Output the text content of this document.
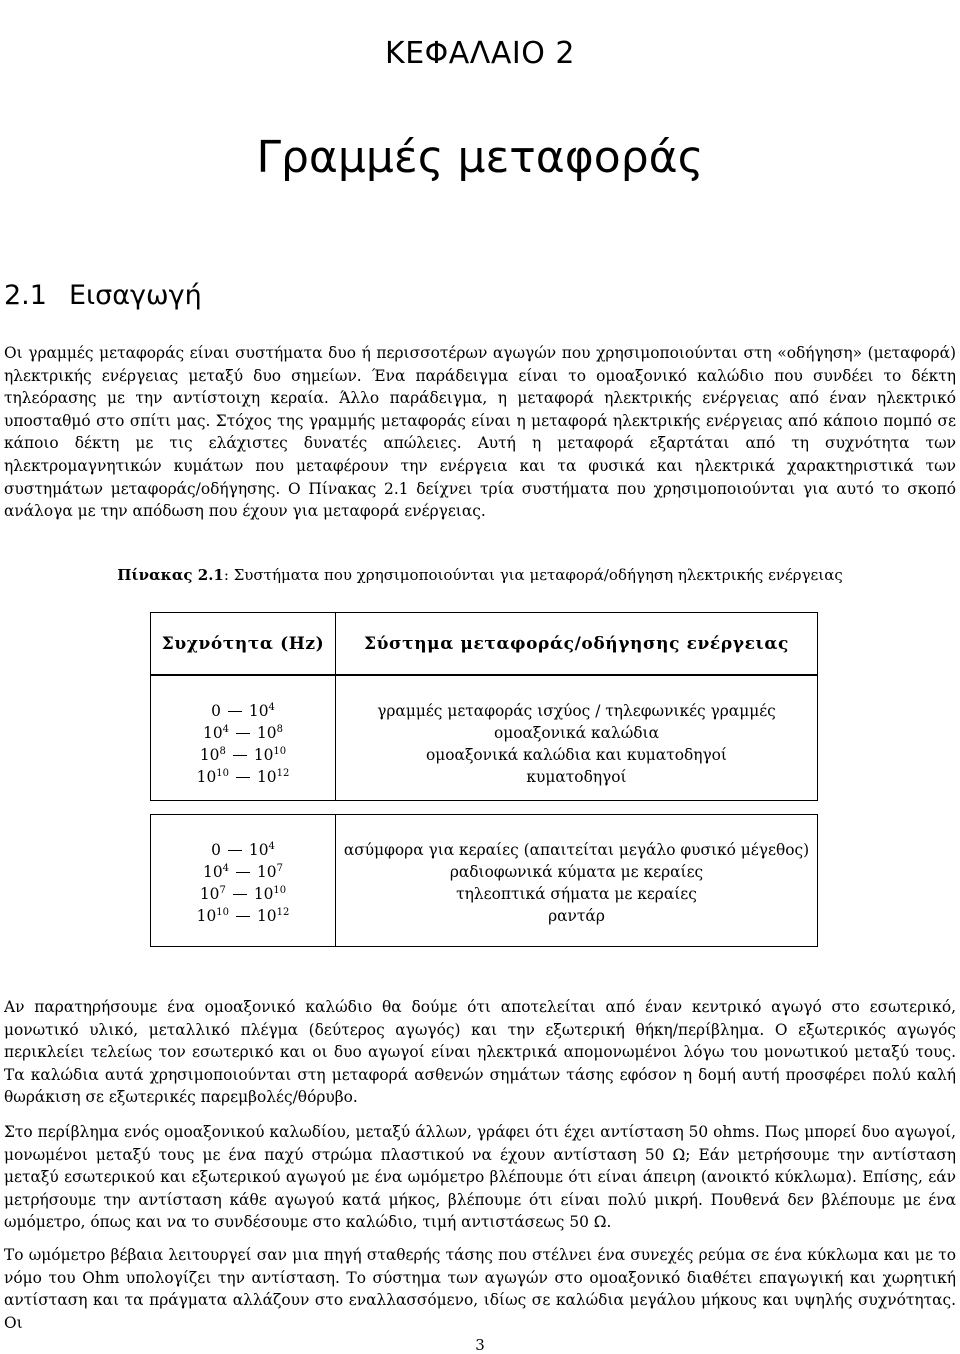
ΚΕΦΑΛΑΙΟ 2
Γραμμές μεταφοράς
2.1 Εισαγωγή

Οι γραμμές μεταφοράς είναι συστήματα δυο ή περισσοτέρων αγωγών που χρησιμοποιούνται στη «οδήγηση» (μεταφορά) ηλεκτρικής ενέργειας μεταξύ δυο σημείων. Ένα παράδειγμα είναι το ομοαξονικό καλώδιο που συνδέει το δέκτη τηλεόρασης με την αντίστοιχη κεραία. Άλλο παράδειγμα, η μεταφορά ηλεκτρικής ενέργειας από έναν ηλεκτρικό υποσταθμό στο σπίτι μας. Στόχος της γραμμής μεταφοράς είναι η μεταφορά ηλεκτρικής ενέργειας από κάποιο πομπό σε κάποιο δέκτη με τις ελάχιστες δυνατές απώλειες. Αυτή η μεταφορά εξαρτάται από τη συχνότητα των ηλεκτρομαγνητικών κυμάτων που μεταφέρουν την ενέργεια και τα φυσικά και ηλεκτρικά χαρακτηριστικά των συστημάτων μεταφοράς/οδήγησης. Ο Πίνακας 2.1 δείχνει τρία συστήματα που χρησιμοποιούνται για αυτό το σκοπό ανάλογα με την απόδωση που έχουν για μεταφορά ενέργειας.

Πίνακας 2.1: Συστήματα που χρησιμοποιούνται για μεταφορά/οδήγηση ηλεκτρικής ενέργειας
Συχνότητα (Hz)	Σύστημα μεταφοράς/οδήγησης ενέργειας
0 $10^4$
$10^4$ $10^8$
$10^8$ $10^{10}$
$10^{10}$ $10^{12}$
γραμμές μεταφοράς ισχύος / τηλεφωνικές γραμμές
ομοαξονικά καλώδια
ομοαξονικά καλώδια και κυματοδηγοί
κυματοδηγοί
0 $10^4$
$10^4$ $10^7$
$10^7$ $10^{10}$
$10^{10}$ $10^{12}$
ασύμφορα για κεραίες (απαιτείται μεγάλο φυσικό μέγεθος)
ραδιοφωνικά κύματα με κεραίες
τηλεοπτικά σήματα με κεραίες
ραντάρ

Αν παρατηρήσουμε ένα ομοαξονικό καλώδιο θα δούμε ότι αποτελείται από έναν κεντρικό αγωγό στο εσωτερικό, μονωτικό υλικό, μεταλλικό πλέγμα (δεύτερος αγωγός) και την εξωτερική θήκη/περίβλημα. Ο εξωτερικός αγωγός περικλείει τελείως τον εσωτερικό και οι δυο αγωγοί είναι ηλεκτρικά απομονωμένοι λόγω του μονωτικού μεταξύ τους. Τα καλώδια αυτά χρησιμοποιούνται στη μεταφορά ασθενών σημάτων τάσης εφόσον η δομή αυτή προσφέρει πολύ καλή θωράκιση σε εξωτερικές παρεμβολές/θόρυβο.

Στο περίβλημα ενός ομοαξονικού καλωδίου, μεταξύ άλλων, γράφει ότι έχει αντίσταση 50 ohms. Πως μπορεί δυο αγωγοί, μονωμένοι μεταξύ τους με ένα παχύ στρώμα πλαστικού να έχουν αντίσταση 50 Ω; Εάν μετρήσουμε την αντίσταση μεταξύ εσωτερικού και εξωτερικού αγωγού με ένα ωμόμετρο βλέπουμε ότι είναι άπειρη (ανοικτό κύκλωμα). Επίσης, εάν μετρήσουμε την αντίσταση κάθε αγωγού κατά μήκος, βλέπουμε ότι είναι πολύ μικρή. Πουθενά δεν βλέπουμε με ένα ωμόμετρο, όπως και να το συνδέσουμε στο καλώδιο, τιμή αντιστάσεως 50 Ω.

Το ωμόμετρο βέβαια λειτουργεί σαν μια πηγή σταθερής τάσης που στέλνει ένα συνεχές ρεύμα σε ένα κύκλωμα και με το νόμο του Ohm υπολογίζει την αντίσταση. Το σύστημα των αγωγών στο ομοαξονικό διαθέτει επαγωγική και χωρητική αντίσταση και τα πράγματα αλλάζουν στο εναλλασσόμενο, ιδίως σε καλώδια μεγάλου μήκους και υψηλής συχνότητας. Οι

3
